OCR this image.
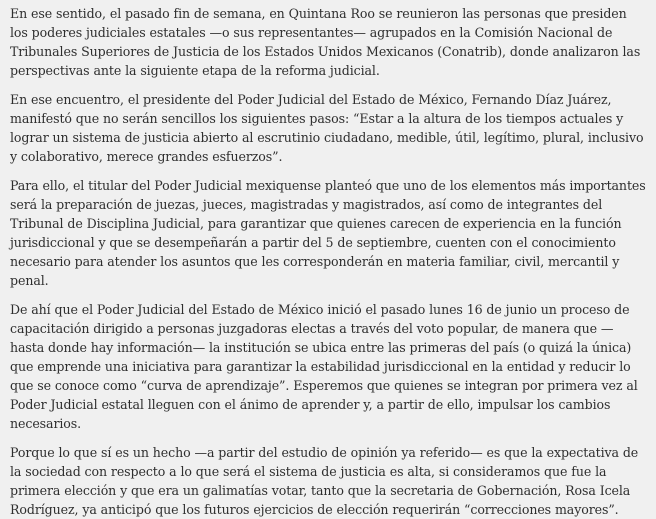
En ese sentido, el pasado fin de semana, en Quintana Roo se reunieron las personas que presiden los poderes judiciales estatales —o sus representantes— agrupados en la Comisión Nacional de Tribunales Superiores de Justicia de los Estados Unidos Mexicanos (Conatrib), donde analizaron las perspectivas ante la siguiente etapa de la reforma judicial.

En ese encuentro, el presidente del Poder Judicial del Estado de México, Fernando Díaz Juárez, manifestó que no serán sencillos los siguientes pasos: “Estar a la altura de los tiempos actuales y lograr un sistema de justicia abierto al escrutinio ciudadano, medible, útil, legítimo, plural, inclusivo y colaborativo, merece grandes esfuerzos”.

Para ello, el titular del Poder Judicial mexiquense planteó que uno de los elementos más importantes será la preparación de juezas, jueces, magistradas y magistrados, así como de integrantes del Tribunal de Disciplina Judicial, para garantizar que quienes carecen de experiencia en la función jurisdiccional y que se desempeñarán a partir del 5 de septiembre, cuenten con el conocimiento necesario para atender los asuntos que les corresponderán en materia familiar, civil, mercantil y penal.

De ahí que el Poder Judicial del Estado de México inició el pasado lunes 16 de junio un proceso de capacitación dirigido a personas juzgadoras electas a través del voto popular, de manera que —hasta donde hay información— la institución se ubica entre las primeras del país (o quizá la única) que emprende una iniciativa para garantizar la estabilidad jurisdiccional en la entidad y reducir lo que se conoce como “curva de aprendizaje”. Esperemos que quienes se integran por primera vez al Poder Judicial estatal lleguen con el ánimo de aprender y, a partir de ello, impulsar los cambios necesarios.

Porque lo que sí es un hecho —a partir del estudio de opinión ya referido— es que la expectativa de la sociedad con respecto a lo que será el sistema de justicia es alta, si consideramos que fue la primera elección y que era un galimatías votar, tanto que la secretaria de Gobernación, Rosa Icela Rodríguez, ya anticipó que los futuros ejercicios de elección requerirán “correcciones mayores”.
